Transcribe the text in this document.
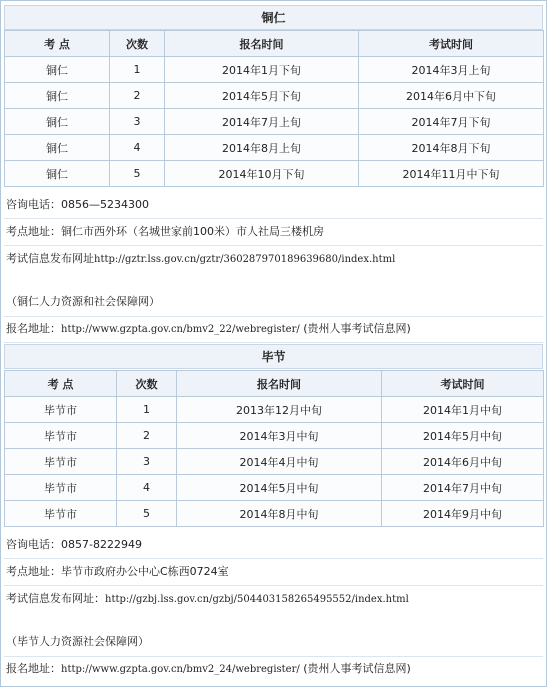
铜仁
考 点	次数	报名时间	考试时间
铜仁	1	2014年1月下旬	2014年3月上旬
铜仁	2	2014年5月下旬	2014年6月中下旬
铜仁	3	2014年7月上旬	2014年7月下旬
铜仁	4	2014年8月上旬	2014年8月下旬
铜仁	5	2014年10月下旬	2014年11月中下旬
咨询电话：0856—5234300
考点地址：铜仁市西外环（名城世家前100米）市人社局三楼机房
考试信息发布网址http://gztr.lss.gov.cn/gztr/360287970189639680/index.html
（铜仁人力资源和社会保障网）
报名地址：http://www.gzpta.gov.cn/bmv2_22/webregister/ (贵州人事考试信息网)
毕节
考 点	次数	报名时间	考试时间
毕节市	1	2013年12月中旬	2014年1月中旬
毕节市	2	2014年3月中旬	2014年5月中旬
毕节市	3	2014年4月中旬	2014年6月中旬
毕节市	4	2014年5月中旬	2014年7月中旬
毕节市	5	2014年8月中旬	2014年9月中旬
咨询电话：0857-8222949
考点地址：毕节市政府办公中心C栋西0724室
考试信息发布网址：http://gzbj.lss.gov.cn/gzbj/504403158265495552/index.html
（毕节人力资源社会保障网）
报名地址：http://www.gzpta.gov.cn/bmv2_24/webregister/ (贵州人事考试信息网)
